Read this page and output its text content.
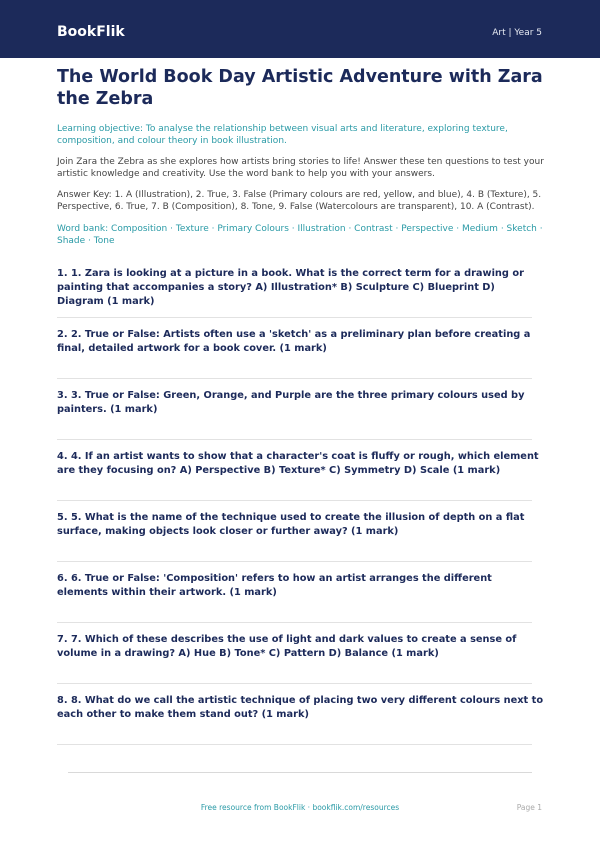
BookFlik	Art | Year 5
The World Book Day Artistic Adventure with Zara the Zebra
Learning objective: To analyse the relationship between visual arts and literature, exploring texture, composition, and colour theory in book illustration.
Join Zara the Zebra as she explores how artists bring stories to life! Answer these ten questions to test your artistic knowledge and creativity. Use the word bank to help you with your answers.
Answer Key: 1. A (Illustration), 2. True, 3. False (Primary colours are red, yellow, and blue), 4. B (Texture), 5. Perspective, 6. True, 7. B (Composition), 8. Tone, 9. False (Watercolours are transparent), 10. A (Contrast).
Word bank: Composition · Texture · Primary Colours · Illustration · Contrast · Perspective · Medium · Sketch · Shade · Tone
1. 1. Zara is looking at a picture in a book. What is the correct term for a drawing or painting that accompanies a story? A) Illustration* B) Sculpture C) Blueprint D) Diagram (1 mark)
2. 2. True or False: Artists often use a 'sketch' as a preliminary plan before creating a final, detailed artwork for a book cover. (1 mark)
3. 3. True or False: Green, Orange, and Purple are the three primary colours used by painters. (1 mark)
4. 4. If an artist wants to show that a character's coat is fluffy or rough, which element are they focusing on? A) Perspective B) Texture* C) Symmetry D) Scale (1 mark)
5. 5. What is the name of the technique used to create the illusion of depth on a flat surface, making objects look closer or further away? (1 mark)
6. 6. True or False: 'Composition' refers to how an artist arranges the different elements within their artwork. (1 mark)
7. 7. Which of these describes the use of light and dark values to create a sense of volume in a drawing? A) Hue B) Tone* C) Pattern D) Balance (1 mark)
8. 8. What do we call the artistic technique of placing two very different colours next to each other to make them stand out? (1 mark)
Free resource from BookFlik · bookflik.com/resources	Page 1
